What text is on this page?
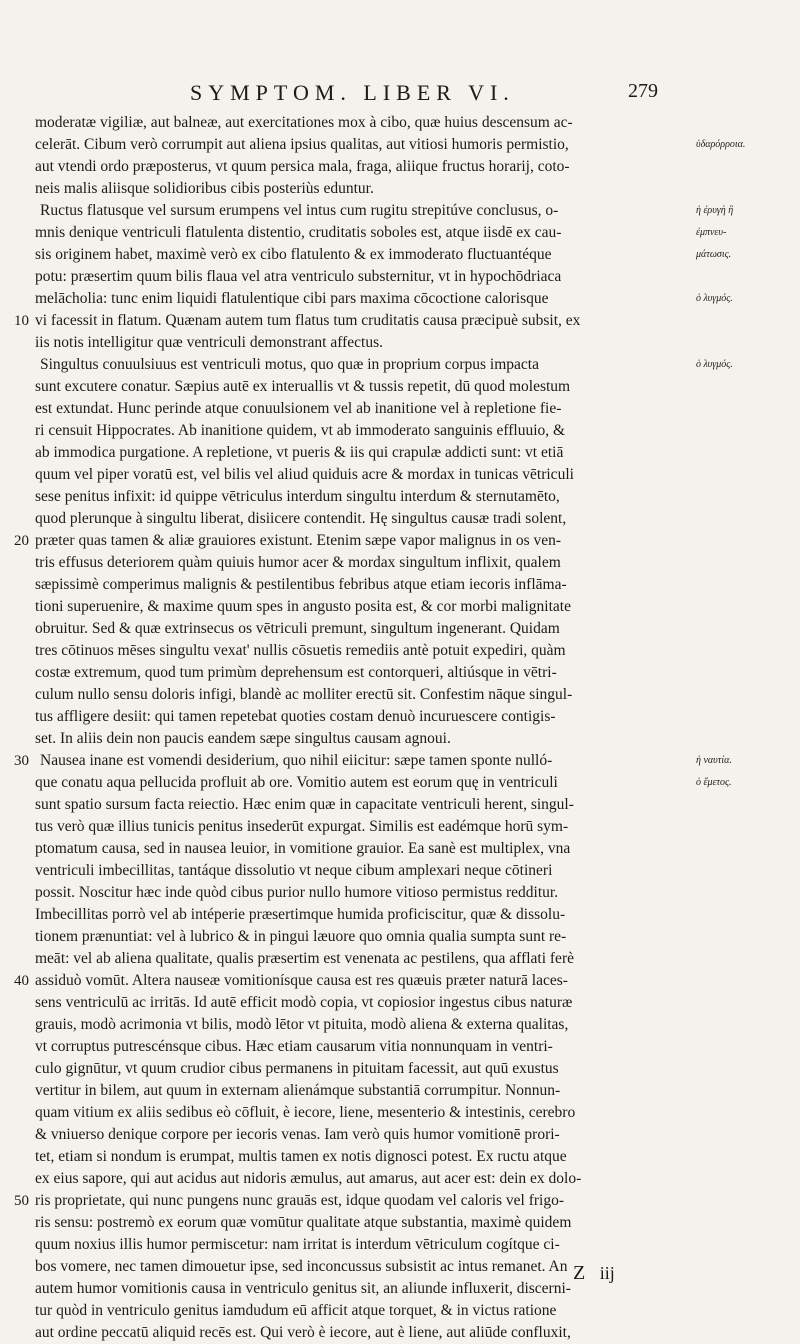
SYMPTOM. LIBER VI.	279
moderatæ vigiliæ, aut balneæ, aut exercitationes mox à cibo, quæ huius descensum ac-
celerāt. Cibum verò corrumpit aut aliena ipsius qualitas, aut vitiosi humoris permistio,
aut vtendi ordo præposterus, vt quum persica mala, fraga, aliique fructus horarij, coto-
neis malis aliisque solidioribus cibis posteriùs eduntur.
Ructus flatusque vel sursum erumpens vel intus cum rugitu strepitúve conclusus, o-
mnis denique ventriculi flatulenta distentio, cruditatis soboles est, atque iisdē ex cau-
sis originem habet, maximè verò ex cibo flatulento & ex immoderato fluctuantéque
potu: præsertim quum bilis flaua vel atra ventriculo substernitur, vt in hypochōdriaca
melācholia: tunc enim liquidi flatulentique cibi pars maxima cōcoctione calorisque
vi facessit in flatum. Quænam autem tum flatus tum cruditatis causa præcipuè subsit, ex
iis notis intelligitur quæ ventriculi demonstrant affectus.
Singultus conuulsiuus est ventriculi motus, quo quæ in proprium corpus impacta
sunt excutere conatur. Sæpius autē ex interuallis vt & tussis repetit, dū quod molestum
est extundat. Hunc perinde atque conuulsionem vel ab inanitione vel à repletione fie-
ri censuit Hippocrates. Ab inanitione quidem, vt ab immoderato sanguinis effluuio, &
ab immodica purgatione. A repletione, vt pueris & iis qui crapulæ addicti sunt: vt etiā
quum vel piper voratū est, vel bilis vel aliud quiduis acre & mordax in tunicas vētriculi
sese penitus infixit: id quippe vētriculus interdum singultu interdum & sternutamēto,
quod plerunque à singultu liberat, disiicere contendit. Hę singultus causæ tradi solent,
præter quas tamen & aliæ grauiores existunt. Etenim sæpe vapor malignus in os ven-
tris effusus deteriorem quàm quiuis humor acer & mordax singultum inflixit, qualem
sæpissimè comperimus malignis & pestilentibus febribus atque etiam iecoris inflāma-
tioni superuenire, & maxime quum spes in angusto posita est, & cor morbi malignitate
obruitur. Sed & quæ extrinsecus os vētriculi premunt, singultum ingenerant. Quidam
tres cōtinuos mēses singultu vexat' nullis cōsuetis remediis antè potuit expediri, quàm
costæ extremum, quod tum primùm deprehensum est contorqueri, altiúsque in vētri-
culum nullo sensu doloris infigi, blandè ac molliter erectū sit. Confestim nāque singul-
tus affligere desiit: qui tamen repetebat quoties costam denuò incuruescere contigis-
set. In aliis dein non paucis eandem sæpe singultus causam agnoui.
Nausea inane est vomendi desiderium, quo nihil eiicitur: sæpe tamen sponte nulló-
que conatu aqua pellucida profluit ab ore. Vomitio autem est eorum quę in ventriculi
sunt spatio sursum facta reiectio. Hæc enim quæ in capacitate ventriculi herent, singul-
tus verò quæ illius tunicis penitus insederūt expurgat. Similis est eadémque horū sym-
ptomatum causa, sed in nausea leuior, in vomitione grauior. Ea sanè est multiplex, vna
ventriculi imbecillitas, tantáque dissolutio vt neque cibum amplexari neque cōtineri
possit. Noscitur hæc inde quòd cibus purior nullo humore vitioso permistus redditur.
Imbecillitas porrò vel ab intéperie præsertimque humida proficiscitur, quæ & dissolu-
tionem prænuntiat: vel à lubrico & in pingui læuore quo omnia qualia sumpta sunt re-
meāt: vel ab aliena qualitate, qualis præsertim est venenata ac pestilens, qua afflati ferè
assiduò vomūt. Altera nauseæ vomitionísque causa est res quæuis præter naturā laces-
sens ventriculū ac irritās. Id autē efficit modò copia, vt copiosior ingestus cibus naturæ
grauis, modò acrimonia vt bilis, modò lētor vt pituita, modò aliena & externa qualitas,
vt corruptus putrescénsque cibus. Hæc etiam causarum vitia nonnunquam in ventri-
culo gignūtur, vt quum crudior cibus permanens in pituitam facessit, aut quū exustus
vertitur in bilem, aut quum in externam alienámque substantiā corrumpitur. Nonnun-
quam vitium ex aliis sedibus eò cōfluit, è iecore, liene, mesenterio & intestinis, cerebro
& vniuerso denique corpore per iecoris venas. Iam verò quis humor vomitionē prori-
tet, etiam si nondum is erumpat, multis tamen ex notis dignosci potest. Ex ructu atque
ex eius sapore, qui aut acidus aut nidoris æmulus, aut amarus, aut acer est: dein ex dolo-
ris proprietate, qui nunc pungens nunc grauās est, idque quodam vel caloris vel frigo-
ris sensu: postremò ex eorum quæ vomūtur qualitate atque substantia, maximè quidem
quum noxius illis humor permiscetur: nam irritat is interdum vētriculum cogítque ci-
bos vomere, nec tamen dimouetur ipse, sed inconcussus subsistit ac intus remanet. An
autem humor vomitionis causa in ventriculo genitus sit, an aliunde influxerit, discerni-
tur quòd in ventriculo genitus iamdudum eū afficit atque torquet, & in victus ratione
aut ordine peccatū aliquid recēs est. Qui verò è iecore, aut è liene, aut aliūde confluxit,
10
20
30
40
50
ὑδαρόρροια.
ἡ ἐρυγὴ ἢ
ἐμπνευ-
μάτωσις.
ὁ λυγμός.
ὁ λυγμός.
ἡ ναυτία.
ὁ ἔμετος.
Z iij
